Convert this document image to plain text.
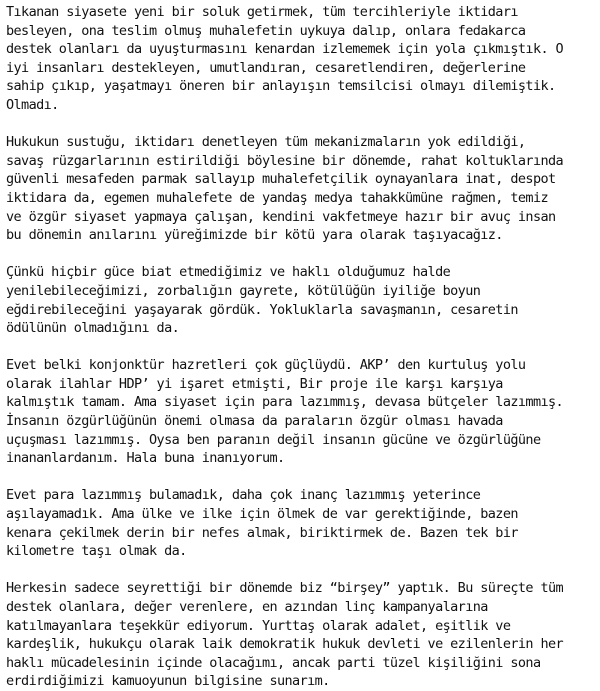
Tıkanan siyasete yeni bir soluk getirmek, tüm tercihleriyle iktidarı
besleyen, ona teslim olmuş muhalefetin uykuya dalıp, onlara fedakarca
destek olanları da uyuşturmasını kenardan izlememek için yola çıkmıştık. O
iyi insanları destekleyen, umutlandıran, cesaretlendiren, değerlerine
sahip çıkıp, yaşatmayı öneren bir anlayışın temsilcisi olmayı dilemiştik.
Olmadı.

Hukukun sustuğu, iktidarı denetleyen tüm mekanizmaların yok edildiği,
savaş rüzgarlarının estirildiği böylesine bir dönemde, rahat koltuklarında
güvenli mesafeden parmak sallayıp muhalefetçilik oynayanlara inat, despot
iktidara da, egemen muhalefete de yandaş medya tahakkümüne rağmen, temiz
ve özgür siyaset yapmaya çalışan, kendini vakfetmeye hazır bir avuç insan
bu dönemin anılarını yüreğimizde bir kötü yara olarak taşıyacağız.

Çünkü hiçbir güce biat etmediğimiz ve haklı olduğumuz halde
yenilebileceğimizi, zorbalığın gayrete, kötülüğün iyiliğe boyun
eğdirebileceğini yaşayarak gördük. Yokluklarla savaşmanın, cesaretin
ödülünün olmadığını da.

Evet belki konjonktür hazretleri çok güçlüydü. AKP’ den kurtuluş yolu
olarak ilahlar HDP’ yi işaret etmişti, Bir proje ile karşı karşıya
kalmıştık tamam. Ama siyaset için para lazımmış, devasa bütçeler lazımmış.
İnsanın özgürlüğünün önemi olmasa da paraların özgür olması havada
uçuşması lazımmış. Oysa ben paranın değil insanın gücüne ve özgürlüğüne
inananlardanım. Hala buna inanıyorum.

Evet para lazımmış bulamadık, daha çok inanç lazımmış yeterince
aşılayamadık. Ama ülke ve ilke için ölmek de var gerektiğinde, bazen
kenara çekilmek derin bir nefes almak, biriktirmek de. Bazen tek bir
kilometre taşı olmak da.

Herkesin sadece seyrettiği bir dönemde biz “birşey” yaptık. Bu süreçte tüm
destek olanlara, değer verenlere, en azından linç kampanyalarına
katılmayanlara teşekkür ediyorum. Yurttaş olarak adalet, eşitlik ve
kardeşlik, hukukçu olarak laik demokratik hukuk devleti ve ezilenlerin her
haklı mücadelesinin içinde olacağımı, ancak parti tüzel kişiliğini sona
erdirdiğimizi kamuoyunun bilgisine sunarım.
